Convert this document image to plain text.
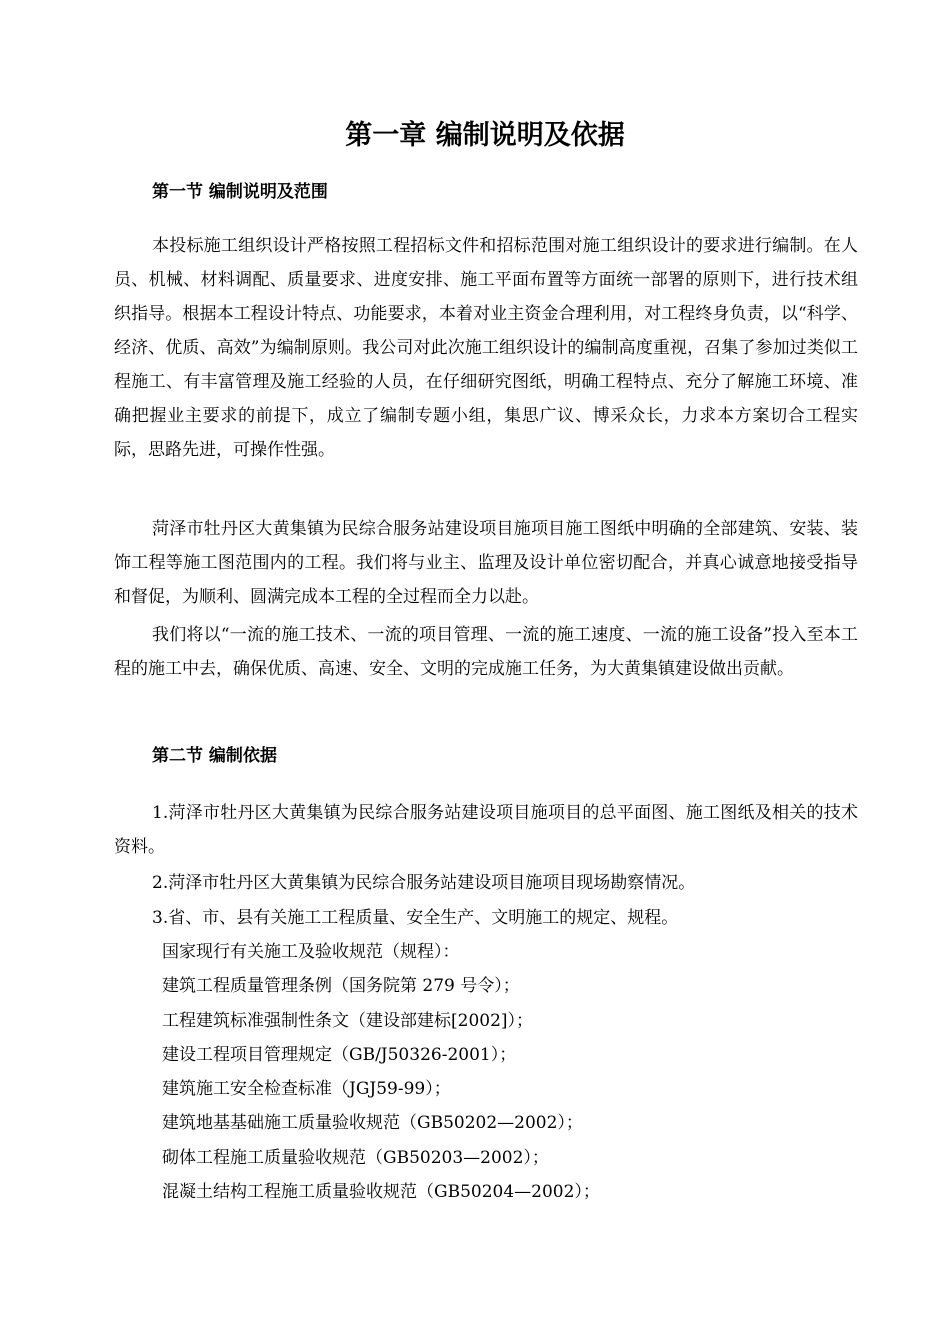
第一章 编制说明及依据
第一节 编制说明及范围

本投标施工组织设计严格按照工程招标文件和招标范围对施工组织设计的要求进行编制。在人员、机械、材料调配、质量要求、进度安排、施工平面布置等方面统一部署的原则下，进行技术组织指导。根据本工程设计特点、功能要求，本着对业主资金合理利用，对工程终身负责，以“科学、经济、优质、高效”为编制原则。我公司对此次施工组织设计的编制高度重视，召集了参加过类似工程施工、有丰富管理及施工经验的人员，在仔细研究图纸，明确工程特点、充分了解施工环境、准确把握业主要求的前提下，成立了编制专题小组，集思广议、博采众长，力求本方案切合工程实际，思路先进，可操作性强。

菏泽市牡丹区大黄集镇为民综合服务站建设项目施项目施工图纸中明确的全部建筑、安装、装饰工程等施工图范围内的工程。我们将与业主、监理及设计单位密切配合，并真心诚意地接受指导和督促，为顺利、圆满完成本工程的全过程而全力以赴。

我们将以“一流的施工技术、一流的项目管理、一流的施工速度、一流的施工设备”投入至本工程的施工中去，确保优质、高速、安全、文明的完成施工任务，为大黄集镇建设做出贡献。

第二节 编制依据

1.菏泽市牡丹区大黄集镇为民综合服务站建设项目施项目的总平面图、施工图纸及相关的技术资料。

2.菏泽市牡丹区大黄集镇为民综合服务站建设项目施项目现场勘察情况。

3.省、市、县有关施工工程质量、安全生产、文明施工的规定、规程。

国家现行有关施工及验收规范（规程）：
建筑工程质量管理条例（国务院第 279 号令）；
工程建筑标准强制性条文（建设部建标[2002]）；
建设工程项目管理规定（GB/J50326-2001）；
建筑施工安全检查标准（JGJ59-99）；
建筑地基基础施工质量验收规范（GB50202—2002）；
砌体工程施工质量验收规范（GB50203—2002）；
混凝土结构工程施工质量验收规范（GB50204—2002）；
